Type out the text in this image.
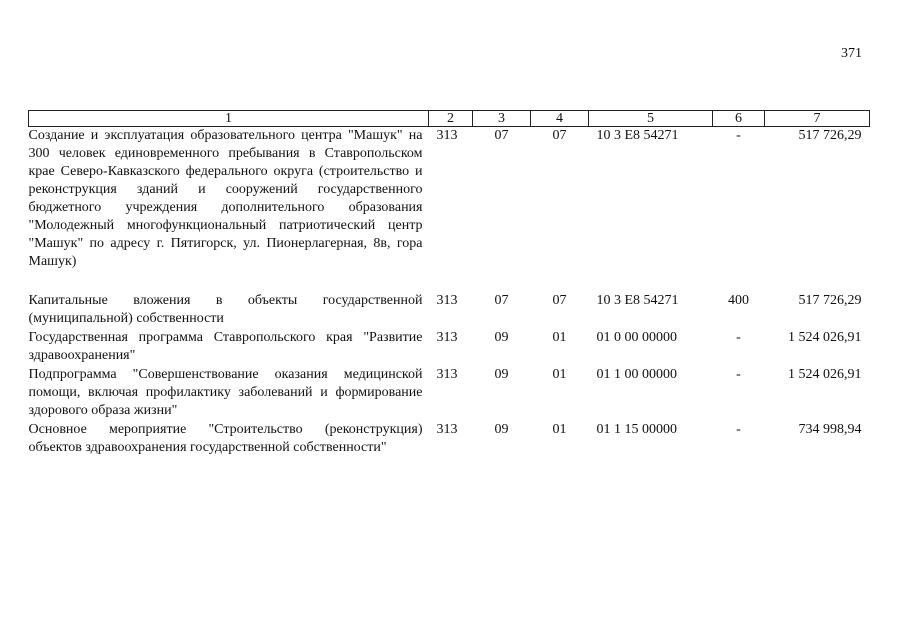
371
1	2	3	4	5	6	7
Создание и эксплуатация образовательного центра "Машук" на 300 человек единовременного пребывания в Ставропольском крае Северо-Кавказского федерального округа (строительство и реконструкция зданий и сооружений государственного бюджетного учреждения дополнительного образования "Молодежный многофункциональный патриотический центр "Машук" по адресу г. Пятигорск, ул. Пионерлагерная, 8в, гора Машук)	313	07	07	10 3 E8 54271	-	517 726,29

Капитальные вложения в объекты государственной (муниципальной) собственности	313	07	07	10 3 E8 54271	400	517 726,29
Государственная программа Ставропольского края "Развитие здравоохранения"	313	09	01	01 0 00 00000	-	1 524 026,91
Подпрограмма "Совершенствование оказания медицинской помощи, включая профилактику заболеваний и формирование здорового образа жизни"	313	09	01	01 1 00 00000	-	1 524 026,91
Основное мероприятие "Строительство (реконструкция) объектов здравоохранения государственной собственности"	313	09	01	01 1 15 00000	-	734 998,94
